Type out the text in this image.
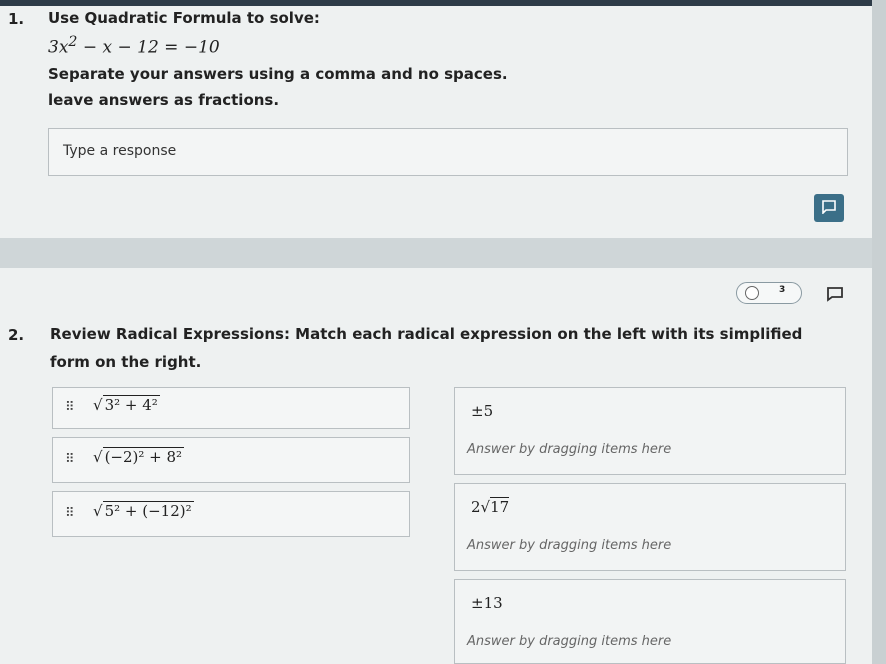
1. Use Quadratic Formula to solve:
$3x^2 - x - 12 = -10$
Separate your answers using a comma and no spaces.
leave answers as fractions.
Type a response
3
2. Review Radical Expressions: Match each radical expression on the left with its simplified
form on the right.
⠿ √ 3² + 4²
⠿ √ (−2)² + 8²
⠿ √ 5² + (−12)²
±5
Answer by dragging items here
2√17
Answer by dragging items here
±13
Answer by dragging items here
